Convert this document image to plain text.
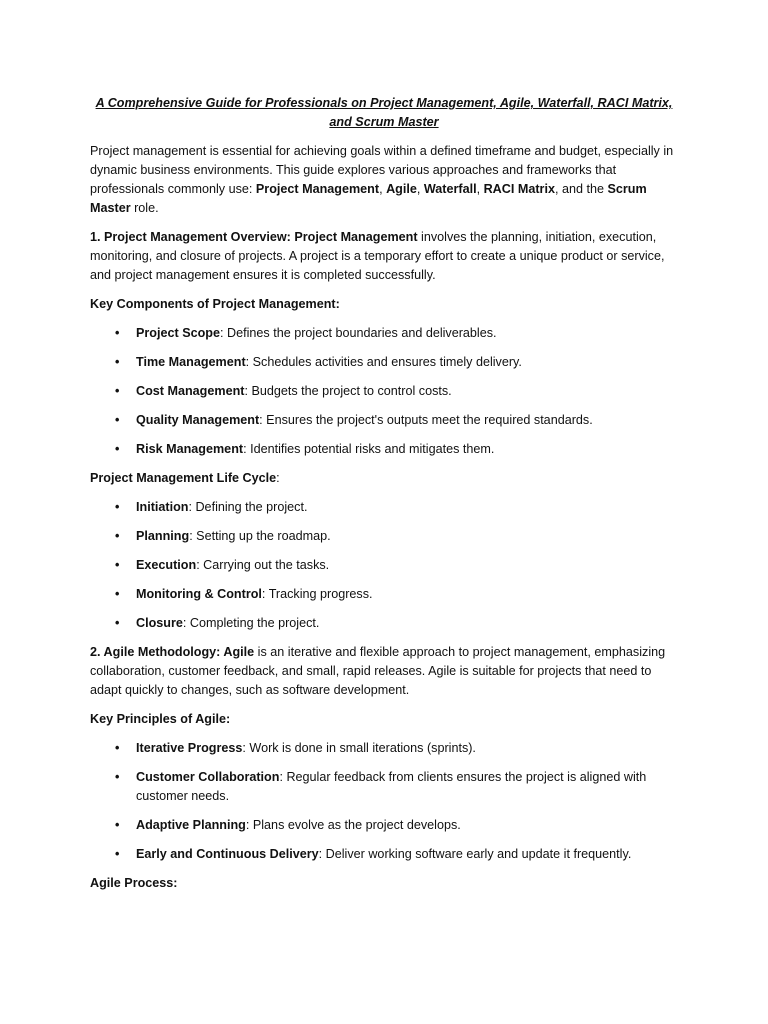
A Comprehensive Guide for Professionals on Project Management, Agile, Waterfall, RACI Matrix, and Scrum Master

Project management is essential for achieving goals within a defined timeframe and budget, especially in dynamic business environments. This guide explores various approaches and frameworks that professionals commonly use: Project Management, Agile, Waterfall, RACI Matrix, and the Scrum Master role.

1. Project Management Overview: Project Management involves the planning, initiation, execution, monitoring, and closure of projects. A project is a temporary effort to create a unique product or service, and project management ensures it is completed successfully.

Key Components of Project Management:

• Project Scope: Defines the project boundaries and deliverables.
• Time Management: Schedules activities and ensures timely delivery.
• Cost Management: Budgets the project to control costs.
• Quality Management: Ensures the project's outputs meet the required standards.
• Risk Management: Identifies potential risks and mitigates them.

Project Management Life Cycle:

• Initiation: Defining the project.
• Planning: Setting up the roadmap.
• Execution: Carrying out the tasks.
• Monitoring & Control: Tracking progress.
• Closure: Completing the project.

2. Agile Methodology: Agile is an iterative and flexible approach to project management, emphasizing collaboration, customer feedback, and small, rapid releases. Agile is suitable for projects that need to adapt quickly to changes, such as software development.

Key Principles of Agile:

• Iterative Progress: Work is done in small iterations (sprints).
• Customer Collaboration: Regular feedback from clients ensures the project is aligned with customer needs.
• Adaptive Planning: Plans evolve as the project develops.
• Early and Continuous Delivery: Deliver working software early and update it frequently.

Agile Process:
